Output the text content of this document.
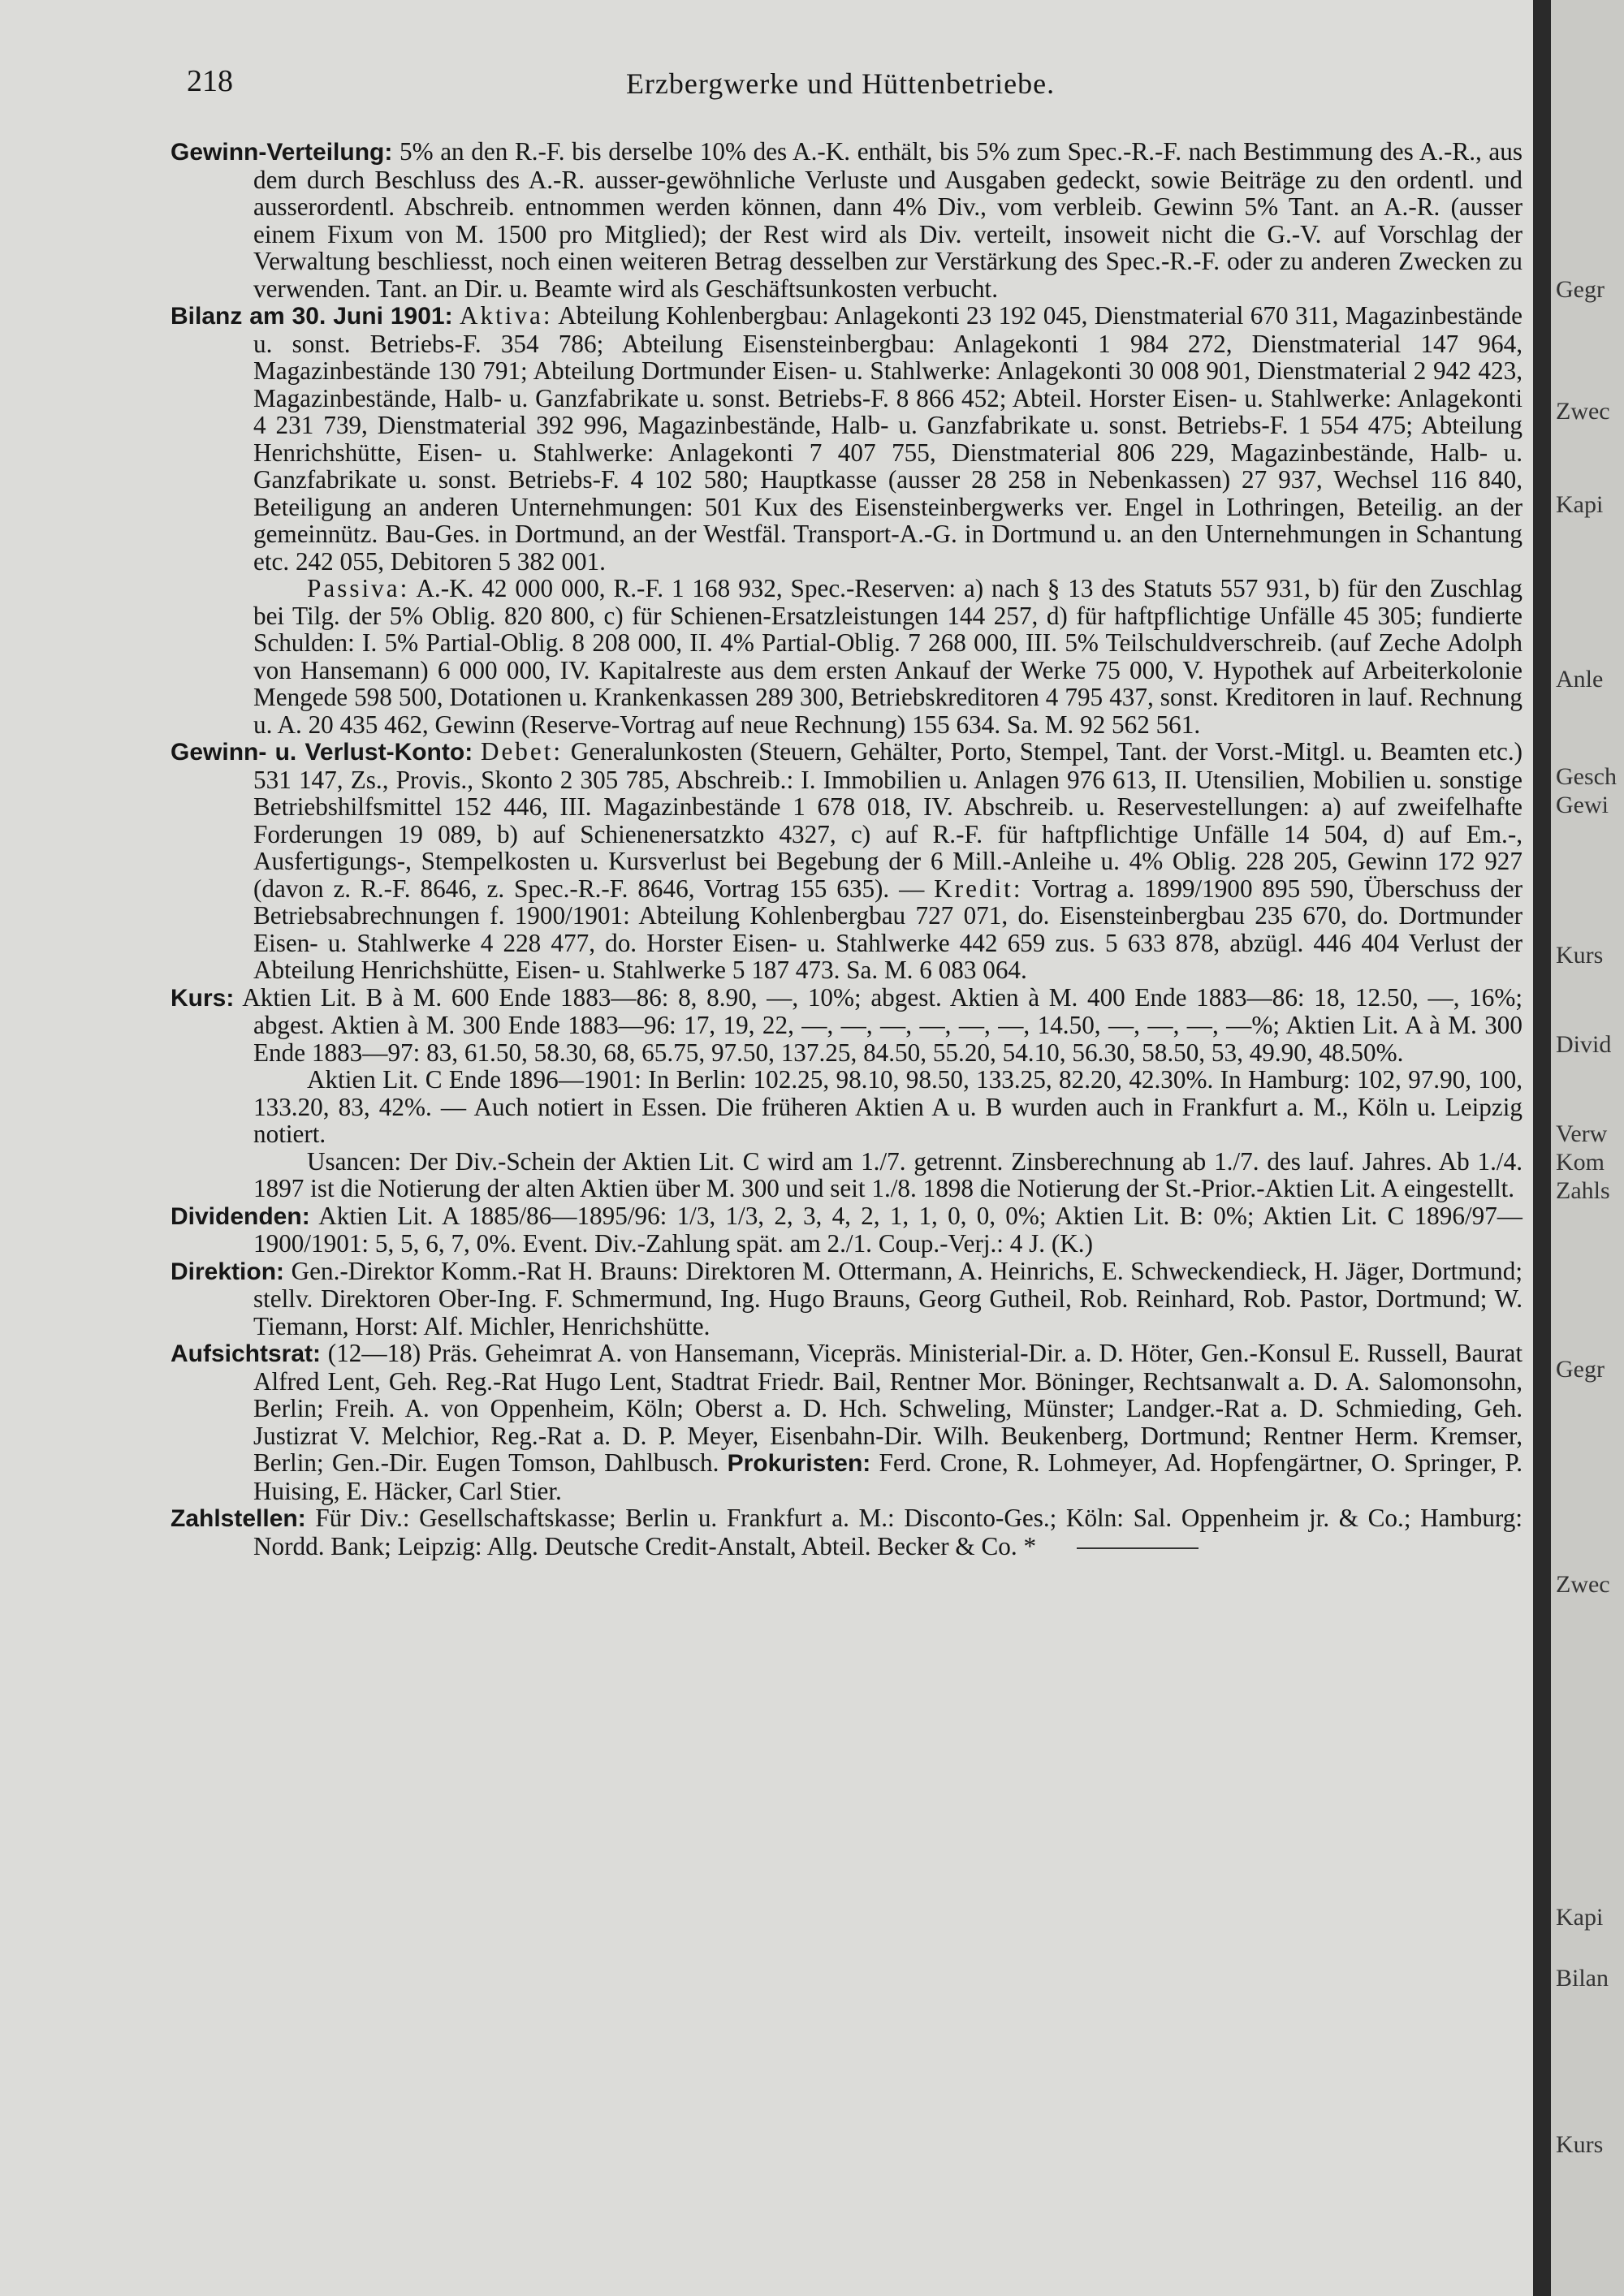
218	Erzbergwerke und Hüttenbetriebe.

Gewinn-Verteilung: 5% an den R.-F. bis derselbe 10% des A.-K. enthält, bis 5% zum Spec.-R.-F. nach Bestimmung des A.-R., aus dem durch Beschluss des A.-R. ausser-gewöhnliche Verluste und Ausgaben gedeckt, sowie Beiträge zu den ordentl. und ausserordentl. Abschreib. entnommen werden können, dann 4% Div., vom verbleib. Gewinn 5% Tant. an A.-R. (ausser einem Fixum von M. 1500 pro Mitglied); der Rest wird als Div. verteilt, insoweit nicht die G.-V. auf Vorschlag der Verwaltung beschliesst, noch einen weiteren Betrag desselben zur Verstärkung des Spec.-R.-F. oder zu anderen Zwecken zu verwenden. Tant. an Dir. u. Beamte wird als Geschäftsunkosten verbucht.

Bilanz am 30. Juni 1901: Aktiva: Abteilung Kohlenbergbau: Anlagekonti 23 192 045, Dienstmaterial 670 311, Magazinbestände u. sonst. Betriebs-F. 354 786; Abteilung Eisensteinbergbau: Anlagekonti 1 984 272, Dienstmaterial 147 964, Magazinbestände 130 791; Abteilung Dortmunder Eisen- u. Stahlwerke: Anlagekonti 30 008 901, Dienstmaterial 2 942 423, Magazinbestände, Halb- u. Ganzfabrikate u. sonst. Betriebs-F. 8 866 452; Abteil. Horster Eisen- u. Stahlwerke: Anlagekonti 4 231 739, Dienstmaterial 392 996, Magazinbestände, Halb- u. Ganzfabrikate u. sonst. Betriebs-F. 1 554 475; Abteilung Henrichshütte, Eisen- u. Stahlwerke: Anlagekonti 7 407 755, Dienstmaterial 806 229, Magazinbestände, Halb- u. Ganzfabrikate u. sonst. Betriebs-F. 4 102 580; Hauptkasse (ausser 28 258 in Nebenkassen) 27 937, Wechsel 116 840, Beteiligung an anderen Unternehmungen: 501 Kux des Eisensteinbergwerks ver. Engel in Lothringen, Beteilig. an der gemeinnütz. Bau-Ges. in Dortmund, an der Westfäl. Transport-A.-G. in Dortmund u. an den Unternehmungen in Schantung etc. 242 055, Debitoren 5 382 001.

Passiva: A.-K. 42 000 000, R.-F. 1 168 932, Spec.-Reserven: a) nach § 13 des Statuts 557 931, b) für den Zuschlag bei Tilg. der 5% Oblig. 820 800, c) für Schienen-Ersatzleistungen 144 257, d) für haftpflichtige Unfälle 45 305; fundierte Schulden: I. 5% Partial-Oblig. 8 208 000, II. 4% Partial-Oblig. 7 268 000, III. 5% Teilschuldverschreib. (auf Zeche Adolph von Hansemann) 6 000 000, IV. Kapitalreste aus dem ersten Ankauf der Werke 75 000, V. Hypothek auf Arbeiterkolonie Mengede 598 500, Dotationen u. Krankenkassen 289 300, Betriebskreditoren 4 795 437, sonst. Kreditoren in lauf. Rechnung u. A. 20 435 462, Gewinn (Reserve-Vortrag auf neue Rechnung) 155 634. Sa. M. 92 562 561.

Gewinn- u. Verlust-Konto: Debet: Generalunkosten (Steuern, Gehälter, Porto, Stempel, Tant. der Vorst.-Mitgl. u. Beamten etc.) 531 147, Zs., Provis., Skonto 2 305 785, Abschreib.: I. Immobilien u. Anlagen 976 613, II. Utensilien, Mobilien u. sonstige Betriebshilfsmittel 152 446, III. Magazinbestände 1 678 018, IV. Abschreib. u. Reservestellungen: a) auf zweifelhafte Forderungen 19 089, b) auf Schienenersatzkto 4327, c) auf R.-F. für haftpflichtige Unfälle 14 504, d) auf Em.-, Ausfertigungs-, Stempelkosten u. Kursverlust bei Begebung der 6 Mill.-Anleihe u. 4% Oblig. 228 205, Gewinn 172 927 (davon z. R.-F. 8646, z. Spec.-R.-F. 8646, Vortrag 155 635). — Kredit: Vortrag a. 1899/1900 895 590, Überschuss der Betriebsabrechnungen f. 1900/1901: Abteilung Kohlenbergbau 727 071, do. Eisensteinbergbau 235 670, do. Dortmunder Eisen- u. Stahlwerke 4 228 477, do. Horster Eisen- u. Stahlwerke 442 659 zus. 5 633 878, abzügl. 446 404 Verlust der Abteilung Henrichshütte, Eisen- u. Stahlwerke 5 187 473. Sa. M. 6 083 064.

Kurs: Aktien Lit. B à M. 600 Ende 1883—86: 8, 8.90, —, 10%; abgest. Aktien à M. 400 Ende 1883—86: 18, 12.50, —, 16%; abgest. Aktien à M. 300 Ende 1883—96: 17, 19, 22, —, —, —, —, —, —, 14.50, —, —, —, —%; Aktien Lit. A à M. 300 Ende 1883—97: 83, 61.50, 58.30, 68, 65.75, 97.50, 137.25, 84.50, 55.20, 54.10, 56.30, 58.50, 53, 49.90, 48.50%.

Aktien Lit. C Ende 1896—1901: In Berlin: 102.25, 98.10, 98.50, 133.25, 82.20, 42.30%. In Hamburg: 102, 97.90, 100, 133.20, 83, 42%. — Auch notiert in Essen. Die früheren Aktien A u. B wurden auch in Frankfurt a. M., Köln u. Leipzig notiert.

Usancen: Der Div.-Schein der Aktien Lit. C wird am 1./7. getrennt. Zinsberechnung ab 1./7. des lauf. Jahres. Ab 1./4. 1897 ist die Notierung der alten Aktien über M. 300 und seit 1./8. 1898 die Notierung der St.-Prior.-Aktien Lit. A eingestellt.

Dividenden: Aktien Lit. A 1885/86—1895/96: 1/3, 1/3, 2, 3, 4, 2, 1, 1, 0, 0, 0%; Aktien Lit. B: 0%; Aktien Lit. C 1896/97—1900/1901: 5, 5, 6, 7, 0%. Event. Div.-Zahlung spät. am 2./1. Coup.-Verj.: 4 J. (K.)

Direktion: Gen.-Direktor Komm.-Rat H. Brauns: Direktoren M. Ottermann, A. Heinrichs, E. Schweckendieck, H. Jäger, Dortmund; stellv. Direktoren Ober-Ing. F. Schmermund, Ing. Hugo Brauns, Georg Gutheil, Rob. Reinhard, Rob. Pastor, Dortmund; W. Tiemann, Horst: Alf. Michler, Henrichshütte.

Aufsichtsrat: (12—18) Präs. Geheimrat A. von Hansemann, Vicepräs. Ministerial-Dir. a. D. Höter, Gen.-Konsul E. Russell, Baurat Alfred Lent, Geh. Reg.-Rat Hugo Lent, Stadtrat Friedr. Bail, Rentner Mor. Böninger, Rechtsanwalt a. D. A. Salomonsohn, Berlin; Freih. A. von Oppenheim, Köln; Oberst a. D. Hch. Schweling, Münster; Landger.-Rat a. D. Schmieding, Geh. Justizrat V. Melchior, Reg.-Rat a. D. P. Meyer, Eisenbahn-Dir. Wilh. Beukenberg, Dortmund; Rentner Herm. Kremser, Berlin; Gen.-Dir. Eugen Tomson, Dahlbusch. Prokuristen: Ferd. Crone, R. Lohmeyer, Ad. Hopfengärtner, O. Springer, P. Huising, E. Häcker, Carl Stier.

Zahlstellen: Für Div.: Gesellschaftskasse; Berlin u. Frankfurt a. M.: Disconto-Ges.; Köln: Sal. Oppenheim jr. & Co.; Hamburg: Nordd. Bank; Leipzig: Allg. Deutsche Credit-Anstalt, Abteil. Becker & Co. *

Gegr
Zwec
Kapi
Anle
Gesch
Gewi
Kurs
Divid
Verw
Kom
Zahls
Gegr
Zwec
Kapi
Bilan
Kurs
